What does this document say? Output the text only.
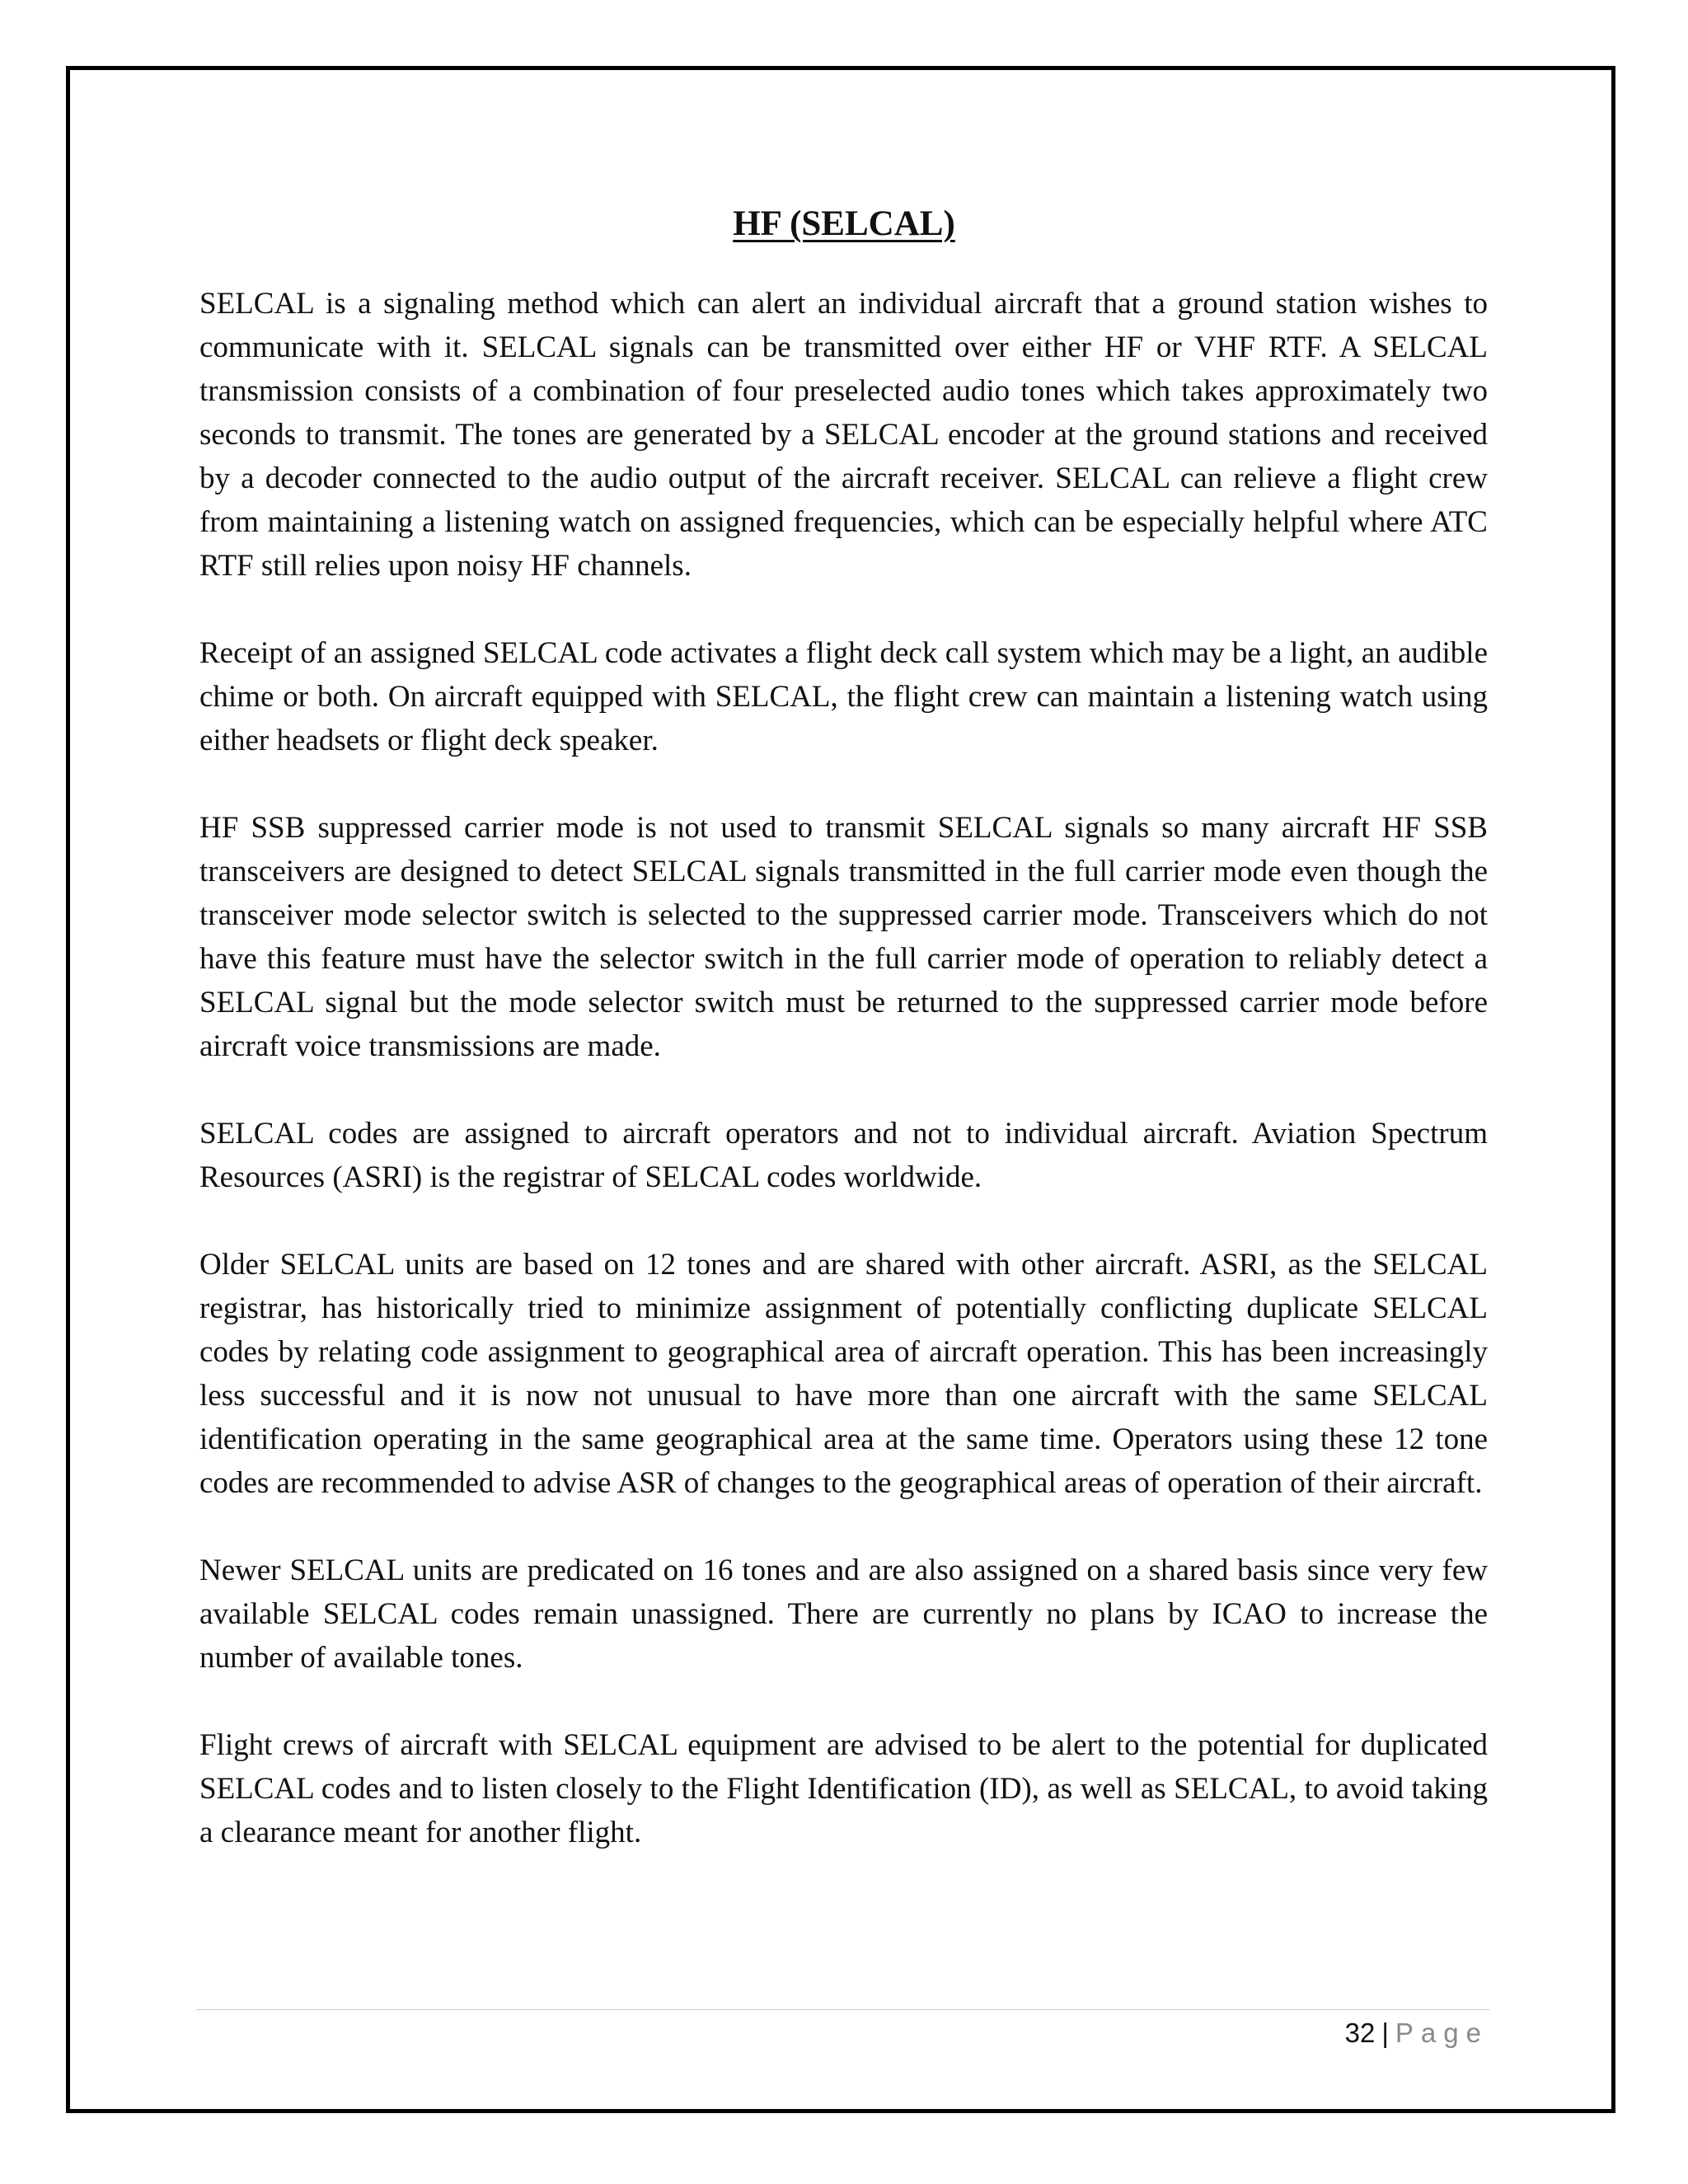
HF (SELCAL)

SELCAL is a signaling method which can alert an individual aircraft that a ground station wishes to communicate with it. SELCAL signals can be transmitted over either HF or VHF RTF. A SELCAL transmission consists of a combination of four preselected audio tones which takes approximately two seconds to transmit. The tones are generated by a SELCAL encoder at the ground stations and received by a decoder connected to the audio output of the aircraft receiver. SELCAL can relieve a flight crew from maintaining a listening watch on assigned frequencies, which can be especially helpful where ATC RTF still relies upon noisy HF channels.

Receipt of an assigned SELCAL code activates a flight deck call system which may be a light, an audible chime or both. On aircraft equipped with SELCAL, the flight crew can maintain a listening watch using either headsets or flight deck speaker.

HF SSB suppressed carrier mode is not used to transmit SELCAL signals so many aircraft HF SSB transceivers are designed to detect SELCAL signals transmitted in the full carrier mode even though the transceiver mode selector switch is selected to the suppressed carrier mode. Transceivers which do not have this feature must have the selector switch in the full carrier mode of operation to reliably detect a SELCAL signal but the mode selector switch must be returned to the suppressed carrier mode before aircraft voice transmissions are made.

SELCAL codes are assigned to aircraft operators and not to individual aircraft. Aviation Spectrum Resources (ASRI) is the registrar of SELCAL codes worldwide.

Older SELCAL units are based on 12 tones and are shared with other aircraft. ASRI, as the SELCAL registrar, has historically tried to minimize assignment of potentially conflicting duplicate SELCAL codes by relating code assignment to geographical area of aircraft operation. This has been increasingly less successful and it is now not unusual to have more than one aircraft with the same SELCAL identification operating in the same geographical area at the same time. Operators using these 12 tone codes are recommended to advise ASR of changes to the geographical areas of operation of their aircraft.

Newer SELCAL units are predicated on 16 tones and are also assigned on a shared basis since very few available SELCAL codes remain unassigned. There are currently no plans by ICAO to increase the number of available tones.

Flight crews of aircraft with SELCAL equipment are advised to be alert to the potential for duplicated SELCAL codes and to listen closely to the Flight Identification (ID), as well as SELCAL, to avoid taking a clearance meant for another flight.

32 | Page
